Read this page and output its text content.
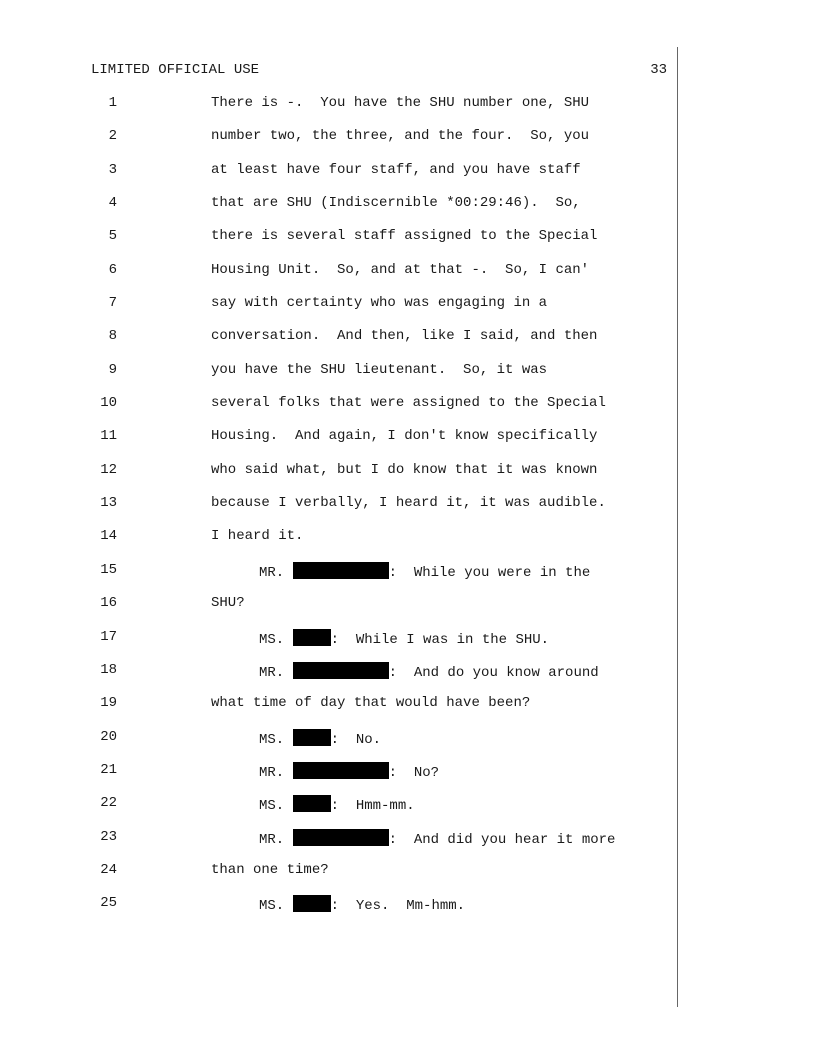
LIMITED OFFICIAL USE	33
1	There is -.  You have the SHU number one, SHU
2	number two, the three, and the four.  So, you
3	at least have four staff, and you have staff
4	that are SHU (Indiscernible *00:29:46).  So,
5	there is several staff assigned to the Special
6	Housing Unit.  So, and at that -.  So, I can'
7	say with certainty who was engaging in a
8	conversation.  And then, like I said, and then
9	you have the SHU lieutenant.  So, it was
10	several folks that were assigned to the Special
11	Housing.  And again, I don't know specifically
12	who said what, but I do know that it was known
13	because I verbally, I heard it, it was audible.
14	I heard it.
15	MR.	:  While you were in the
16	SHU?
17	MS.	:  While I was in the SHU.
18	MR.	:  And do you know around
19	what time of day that would have been?
20	MS.	:  No.
21	MR.	:  No?
22	MS.	:  Hmm-mm.
23	MR.	:  And did you hear it more
24	than one time?
25	MS.	:  Yes.  Mm-hmm.
